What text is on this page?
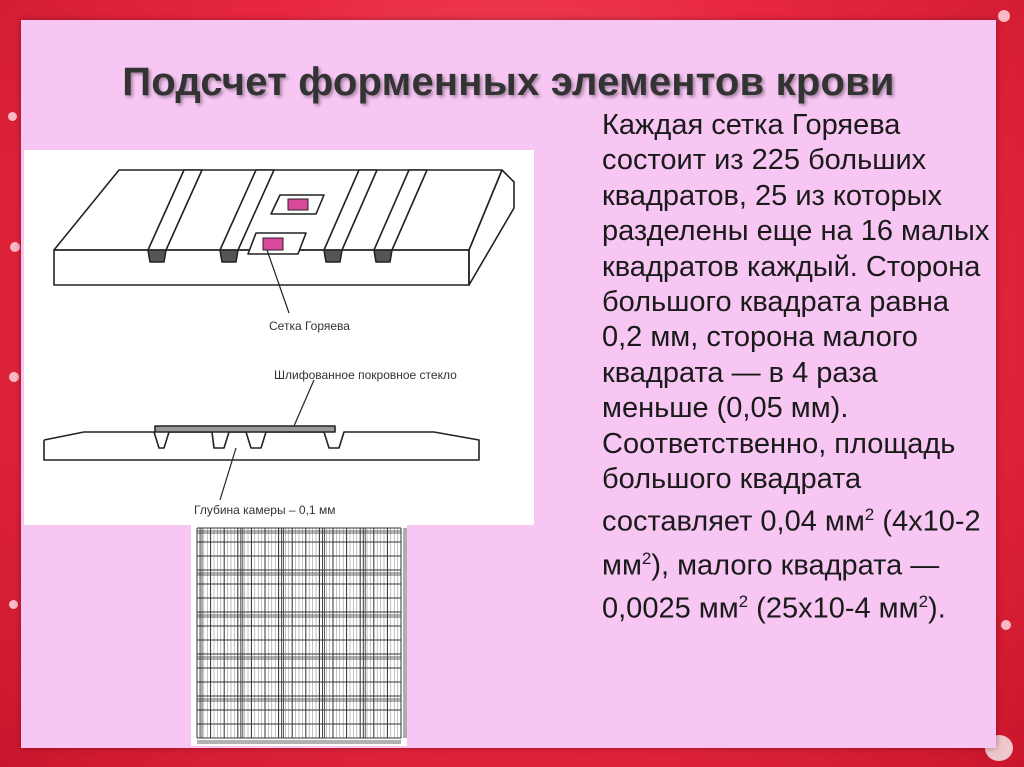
Подсчет форменных элементов крови
Сетка Горяева
Шлифованное покровное стекло
Глубина камеры – 0,1 мм
Каждая сетка Горяева состоит из 225 больших квадратов, 25 из которых разделены еще на 16 малых квадратов каждый. Сторона большого квадрата равна 0,2 мм, сторона малого квадрата — в 4 раза меньше (0,05 мм). Соответственно, площадь большого квадрата составляет 0,04 $мм^2$ (4х10-2 $мм^2$), малого квадрата — 0,0025 $мм^2$ (25х10-4 $мм^2$).
